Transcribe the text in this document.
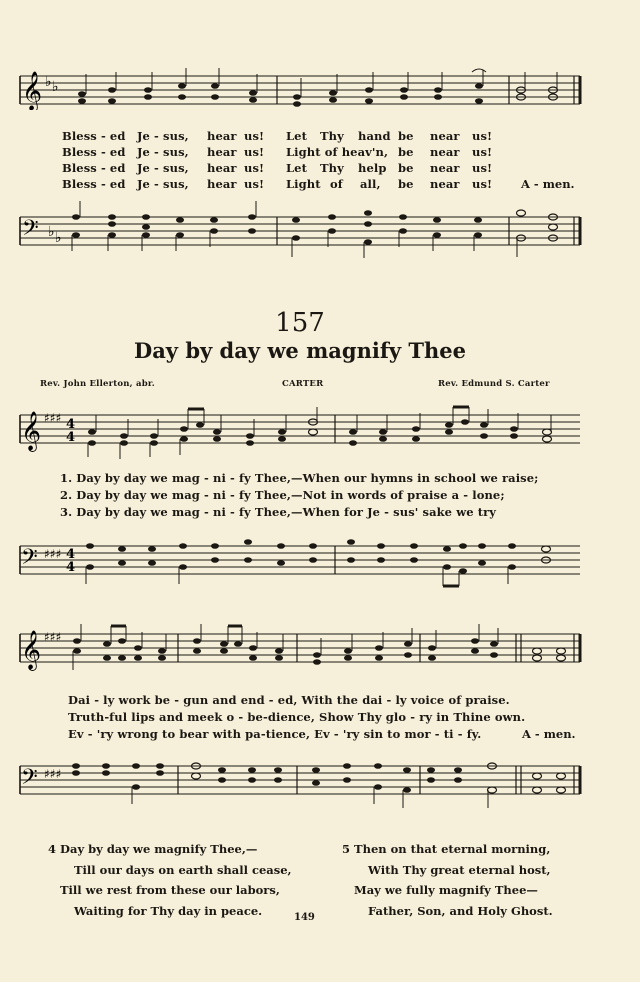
𝄞 ♭ ♭
Bless - ed Je - sus, hear us! Let Thy hand be near us!
Bless - ed Je - sus, hear us! Light of heav'n, be near us!
Bless - ed Je - sus, hear us! Let Thy help be near us!
Bless - ed Je - sus, hear us! Light of all, be near us!	A - men.
𝄢 ♭ ♭
157
Day by day we magnify Thee
Rev. John Ellerton, abr.	CARTER	Rev. Edmund S. Carter
𝄞 ♯♯♯ 4
4
1. Day by day we mag - ni - fy Thee,—When our hymns in school we raise;
2. Day by day we mag - ni - fy Thee,—Not in words of praise a - lone;
3. Day by day we mag - ni - fy Thee,—When for Je - sus' sake we try
𝄢 ♯♯♯ 4
4
𝄞 ♯♯♯
Dai - ly work be - gun and end - ed, With the dai - ly voice of praise.
Truth-ful lips and meek o - be-dience, Show Thy glo - ry in Thine own.
Ev - 'ry wrong to bear with pa-tience, Ev - 'ry sin to mor - ti - fy.	A - men.
𝄢 ♯♯♯
4 Day by day we magnify Thee,—
Till our days on earth shall cease,
Till we rest from these our labors,
Waiting for Thy day in peace.
5 Then on that eternal morning,
With Thy great eternal host,
May we fully magnify Thee—
Father, Son, and Holy Ghost.
149
